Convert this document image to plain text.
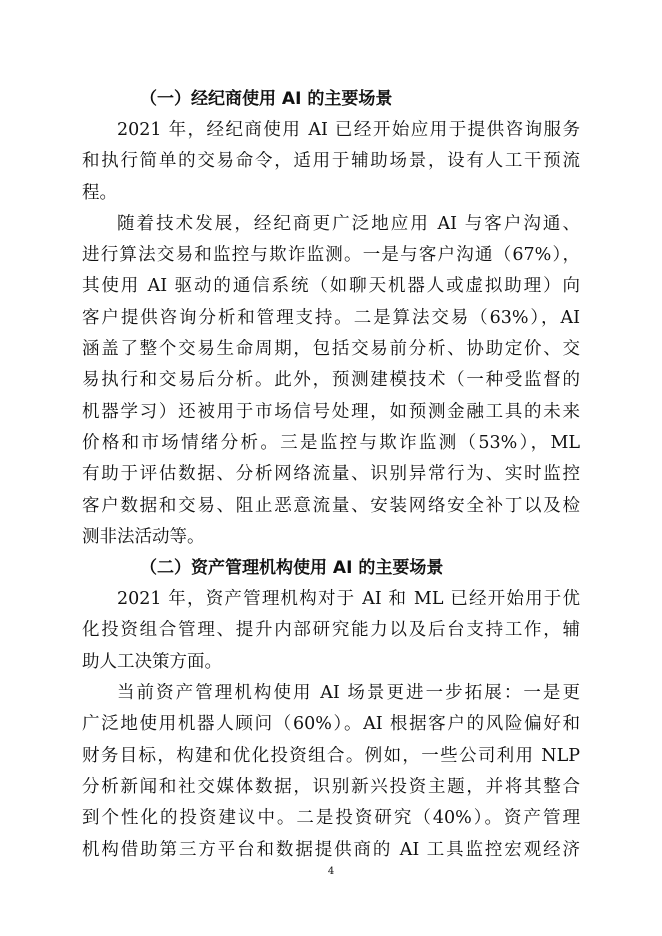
（一）经纪商使用 AI 的主要场景

2021 年，经纪商使用 AI 已经开始应用于提供咨询服务
和执行简单的交易命令，适用于辅助场景，设有人工干预流
程。

随着技术发展，经纪商更广泛地应用 AI 与客户沟通、
进行算法交易和监控与欺诈监测。一是与客户沟通（67%），
其使用 AI 驱动的通信系统（如聊天机器人或虚拟助理）向
客户提供咨询分析和管理支持。二是算法交易（63%），AI
涵盖了整个交易生命周期，包括交易前分析、协助定价、交
易执行和交易后分析。此外，预测建模技术（一种受监督的
机器学习）还被用于市场信号处理，如预测金融工具的未来
价格和市场情绪分析。三是监控与欺诈监测（53%），ML
有助于评估数据、分析网络流量、识别异常行为、实时监控
客户数据和交易、阻止恶意流量、安装网络安全补丁以及检
测非法活动等。

（二）资产管理机构使用 AI 的主要场景

2021 年，资产管理机构对于 AI 和 ML 已经开始用于优
化投资组合管理、提升内部研究能力以及后台支持工作，辅
助人工决策方面。

当前资产管理机构使用 AI 场景更进一步拓展：一是更
广泛地使用机器人顾问（60%）。AI 根据客户的风险偏好和
财务目标，构建和优化投资组合。例如，一些公司利用 NLP
分析新闻和社交媒体数据，识别新兴投资主题，并将其整合
到个性化的投资建议中。二是投资研究（40%）。资产管理
机构借助第三方平台和数据提供商的 AI 工具监控宏观经济

4
